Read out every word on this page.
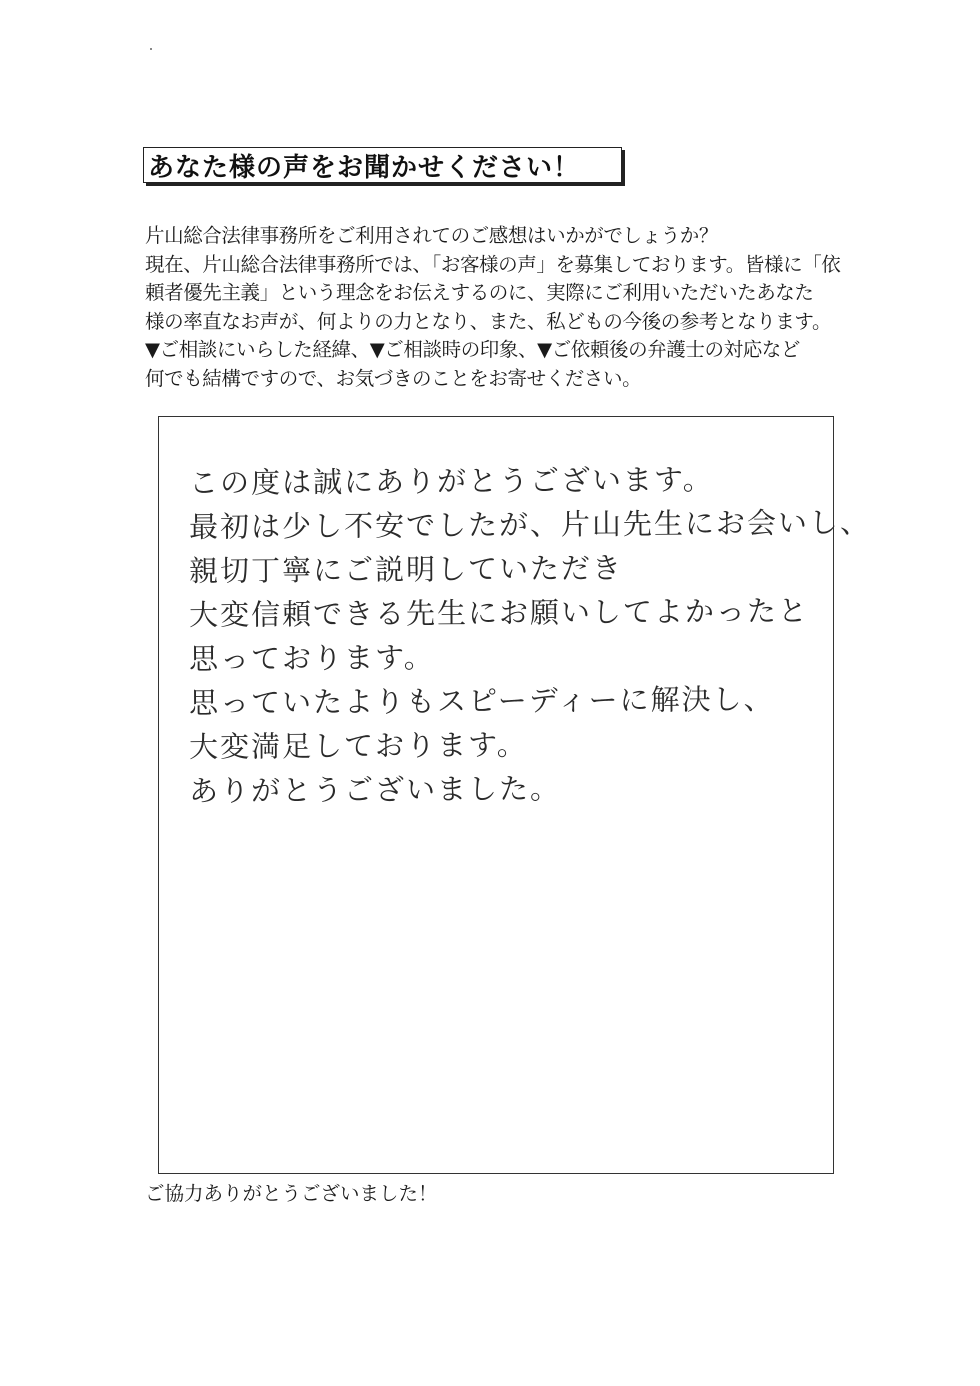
あなた様の声をお聞かせください！
片山総合法律事務所をご利用されてのご感想はいかがでしょうか？
現在、片山総合法律事務所では、「お客様の声」を募集しております。皆様に「依
頼者優先主義」という理念をお伝えするのに、実際にご利用いただいたあなた
様の率直なお声が、何よりの力となり、また、私どもの今後の参考となります。
▼ご相談にいらした経緯、▼ご相談時の印象、▼ご依頼後の弁護士の対応など
何でも結構ですので、お気づきのことをお寄せください。
この度は誠にありがとうございます。
最初は少し不安でしたが、片山先生にお会いし、
親切丁寧にご説明していただき
大変信頼できる先生にお願いしてよかったと
思っております。
思っていたよりもスピーディーに解決し、
大変満足しております。
ありがとうございました。
ご協力ありがとうございました！
